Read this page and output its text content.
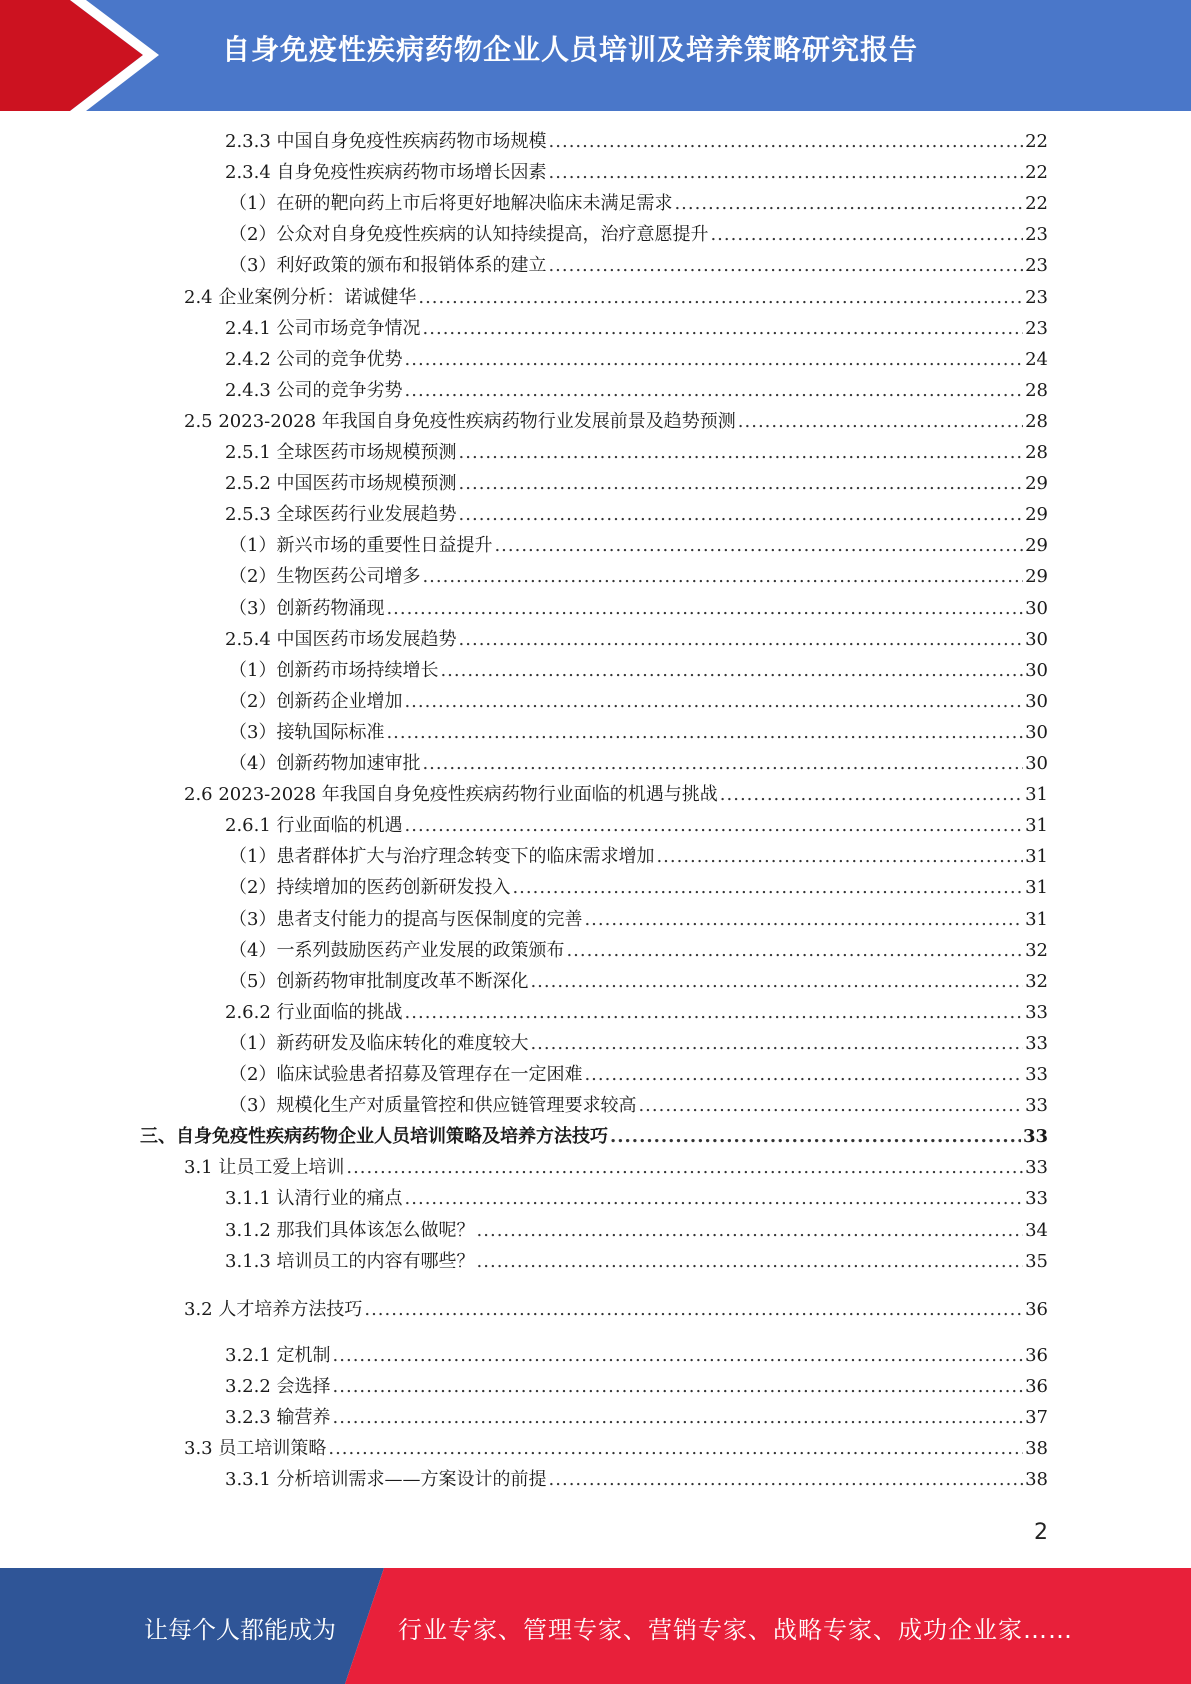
自身免疫性疾病药物企业人员培训及培养策略研究报告
2.3.3 中国自身免疫性疾病药物市场规模 .....	22
2.3.4 自身免疫性疾病药物市场增长因素 .....	22
（1）在研的靶向药上市后将更好地解决临床未满足需求 .....	22
（2）公众对自身免疫性疾病的认知持续提高，治疗意愿提升 .....	23
（3）利好政策的颁布和报销体系的建立 .....	23
2.4 企业案例分析：诺诚健华 .....	23
2.4.1 公司市场竞争情况 .....	23
2.4.2 公司的竞争优势 .....	24
2.4.3 公司的竞争劣势 .....	28
2.5 2023-2028 年我国自身免疫性疾病药物行业发展前景及趋势预测 .....	28
2.5.1 全球医药市场规模预测 .....	28
2.5.2 中国医药市场规模预测 .....	29
2.5.3 全球医药行业发展趋势 .....	29
（1）新兴市场的重要性日益提升 .....	29
（2）生物医药公司增多 .....	29
（3）创新药物涌现 .....	30
2.5.4 中国医药市场发展趋势 .....	30
（1）创新药市场持续增长 .....	30
（2）创新药企业增加 .....	30
（3）接轨国际标准 .....	30
（4）创新药物加速审批 .....	30
2.6 2023-2028 年我国自身免疫性疾病药物行业面临的机遇与挑战 .....	31
2.6.1 行业面临的机遇 .....	31
（1）患者群体扩大与治疗理念转变下的临床需求增加 .....	31
（2）持续增加的医药创新研发投入 .....	31
（3）患者支付能力的提高与医保制度的完善 .....	31
（4）一系列鼓励医药产业发展的政策颁布 .....	32
（5）创新药物审批制度改革不断深化 .....	32
2.6.2 行业面临的挑战 .....	33
（1）新药研发及临床转化的难度较大 .....	33
（2）临床试验患者招募及管理存在一定困难 .....	33
（3）规模化生产对质量管控和供应链管理要求较高 .....	33
三、自身免疫性疾病药物企业人员培训策略及培养方法技巧 .....	33
3.1 让员工爱上培训 .....	33
3.1.1 认清行业的痛点 .....	33
3.1.2 那我们具体该怎么做呢？ .....	34
3.1.3 培训员工的内容有哪些？ .....	35
3.2 人才培养方法技巧 .....	36
3.2.1 定机制 .....	36
3.2.2 会选择 .....	36
3.2.3 输营养 .....	37
3.3 员工培训策略 .....	38
3.3.1 分析培训需求——方案设计的前提 .....	38
2
让每个人都能成为	行业专家、管理专家、营销专家、战略专家、成功企业家……
